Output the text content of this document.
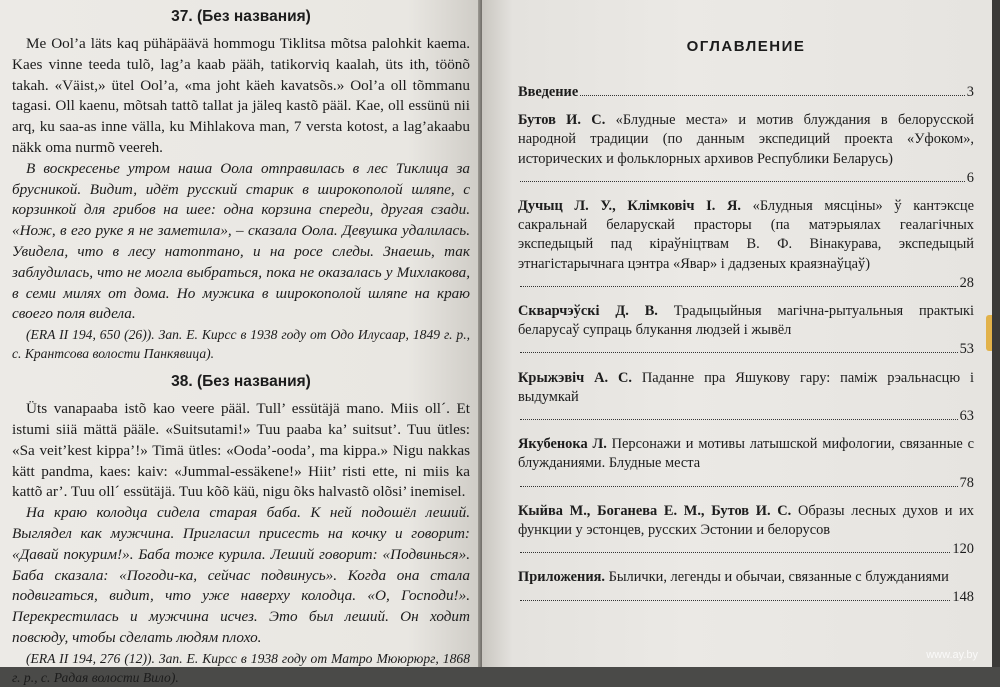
37. (Без названия)

Me Ool’a läts kaq pühäpäävä hommogu Tiklitsa mõtsa palohkit kaema. Kaes vinne teeda tulõ, lag’a kaab pääh, tatikorviq kaalah, üts ith, töönõ takah. «Väist,» ütel Ool’a, «ma joht käeh kavatsõs.» Ool’a oll tõmmanu tagasi. Oll kaenu, mõtsah tattõ tallat ja jäleq kastõ pääl. Kae, oll essünü nii arq, ku saa-as inne välla, ku Mihlakova man, 7 versta kotost, a lag’akaabu näkk oma nurmõ veereh.

В воскресенье утром наша Оола отправилась в лес Тиклица за брусникой. Видит, идёт русский старик в широкополой шляпе, с корзинкой для грибов на шее: одна корзина спереди, другая сзади. «Нож, в его руке я не заметила», – сказала Оола. Девушка удалилась. Увидела, что в лесу натоптано, и на росе следы. Знаешь, так заблудилась, что не могла выбраться, пока не оказалась у Михлакова, в семи милях от дома. Но мужика в широкополой шляпе на краю своего поля видела.

(ERA II 194, 650 (26)). Зап. Е. Кирсс в 1938 году от Одо Илусаар, 1849 г. р., с. Крантсова волости Панкявица).

38. (Без названия)

Üts vanapaaba istõ kao veere pääl. Tull’ essütäjä mano. Miis oll´. Et istumi siiä mättä pääle. «Suitsutami!» Tuu paaba ka’ suitsut’. Tuu ütles: «Sa veit’kest kippa’!» Timä ütles: «Ooda’-ooda’, ma kippa.» Nigu nakkas kätt pandma, kaes: kaiv: «Jummal-essäkene!» Hiit’ risti ette, ni miis ka kattõ ar’. Tuu oll´ essütäjä. Tuu kõõ käü, nigu õks halvastõ olõsi’ inemisel.

На краю колодца сидела старая баба. К ней подошёл леший. Выглядел как мужчина. Пригласил присесть на кочку и говорит: «Давай покурим!». Баба тоже курила. Леший говорит: «Подвинься». Баба сказала: «Погоди-ка, сейчас подвинусь». Когда она стала подвигаться, видит, что уже наверху колодца. «О, Господи!». Перекрестилась и мужчина исчез. Это был леший. Он ходит повсюду, чтобы сделать людям плохо.

(ERA II 194, 276 (12)). Зап. Е. Кирсс в 1938 году от Матро Мююрюрг, 1868 г. р., с. Радая волости Вило).

ОГЛАВЛЕНИЕ
Введение	3
Бутов И. С. «Блудные места» и мотив блуждания в белорусской народной традиции (по данным экспедиций проекта «Уфоком», исторических и фольклорных архивов Республики Беларусь)
6
Дучыц Л. У., Клімковіч І. Я. «Блудныя мясціны» ў кантэксце сакральнай беларускай прасторы (па матэрыялах геалагічных экспедыцый пад кіраўніцтвам В. Ф. Вінакурава, экспедыцый этнагістарычнага цэнтра «Явар» і дадзеных краязнаўцаў)
28
Скварчэўскі Д. В. Традыцыйныя магічна-рытуальныя практыкі беларусаў супраць блукання людзей і жывёл
53
Крыжэвіч А. С. Паданне пра Яшукову гару: паміж рэальнасцю і выдумкай
63
Якубенока Л. Персонажи и мотивы латышской мифологии, связанные с блужданиями. Блудные места
78
Кыйва М., Боганева Е. М., Бутов И. С. Образы лесных духов и их функции у эстонцев, русских Эстонии и белорусов
120
Приложения. Былички, легенды и обычаи, связанные с блужданиями
148
www.ay.by
